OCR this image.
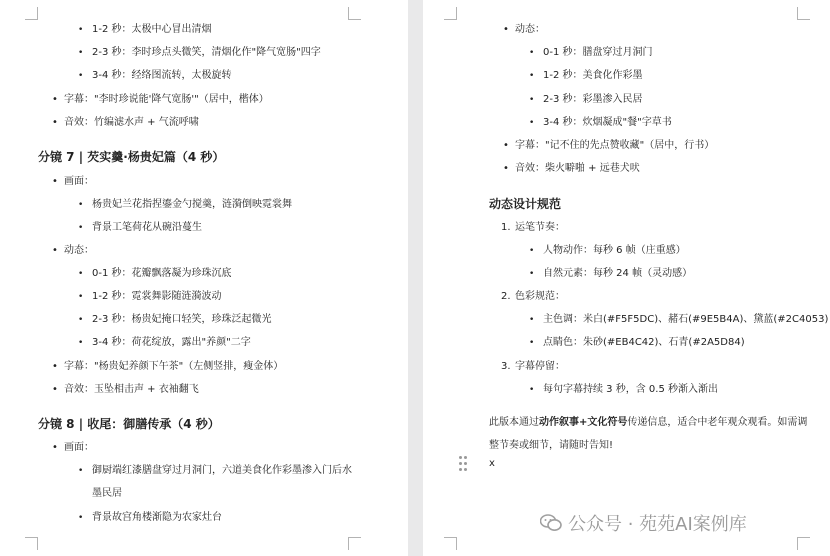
•
1-2 秒：太极中心冒出清烟
•
2-3 秒：李时珍点头微笑，清烟化作"降气宽肠"四字
•
3-4 秒：经络图流转，太极旋转
•
字幕："李时珍说能'降气宽肠'"（居中，楷体）
•
音效：竹编滤水声 + 气流呼啸
分镜 7 | 芡实羹·杨贵妃篇（4 秒）
•
画面：
•
杨贵妃兰花指捏鎏金勺搅羹，涟漪倒映霓裳舞
•
背景工笔荷花从碗沿蔓生
•
动态：
•
0-1 秒：花瓣飘落凝为珍珠沉底
•
1-2 秒：霓裳舞影随涟漪波动
•
2-3 秒：杨贵妃掩口轻笑，珍珠泛起微光
•
3-4 秒：荷花绽放，露出"养颜"二字
•
字幕："杨贵妃养颜下午茶"（左侧竖排，瘦金体）
•
音效：玉坠相击声 + 衣袖翻飞
分镜 8 | 收尾：御膳传承（4 秒）
•
画面：
•
御厨端红漆膳盘穿过月洞门，六道美食化作彩墨渗入门后水
墨民居
•
背景故宫角楼渐隐为农家灶台
•
动态：
•
0-1 秒：膳盘穿过月洞门
•
1-2 秒：美食化作彩墨
•
2-3 秒：彩墨渗入民居
•
3-4 秒：炊烟凝成"餐"字草书
•
字幕："记不住的先点赞收藏"（居中，行书）
•
音效：柴火噼啪 + 远巷犬吠
动态设计规范
1. 运笔节奏：
•
人物动作：每秒 6 帧（庄重感）
•
自然元素：每秒 24 帧（灵动感）
2. 色彩规范：
•
主色调：米白(#F5F5DC)、赭石(#9E5B4A)、黛蓝(#2C4053)
•
点睛色：朱砂(#EB4C42)、石青(#2A5D84)
3. 字幕停留：
•
每句字幕持续 3 秒，含 0.5 秒渐入渐出
此版本通过动作叙事+文化符号传递信息，适合中老年观众观看。如需调
整节奏或细节，请随时告知!
x
公众号 · 苑苑AI案例库
